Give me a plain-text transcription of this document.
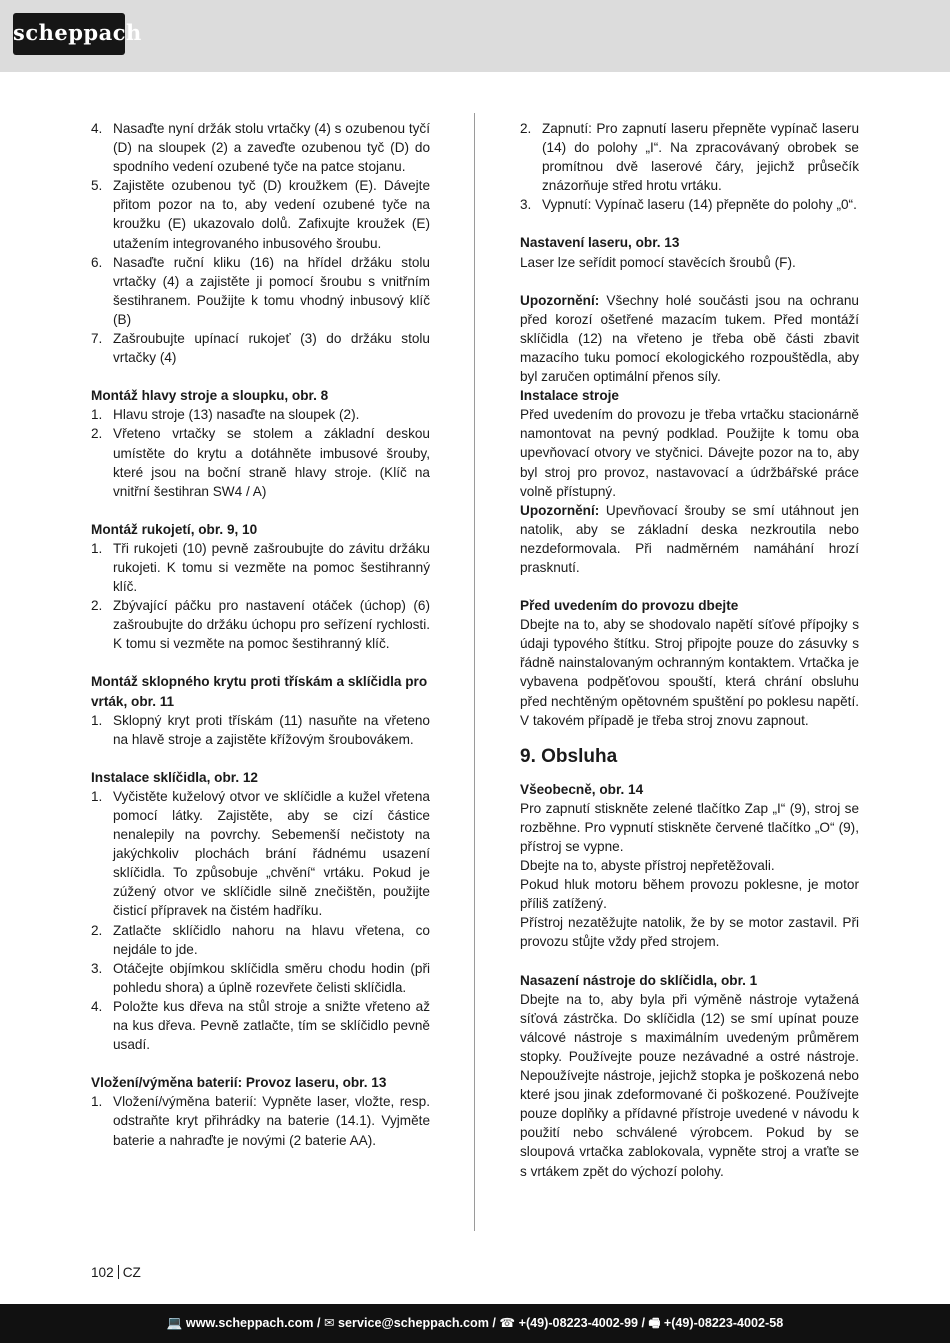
scheppach
4. Nasaďte nyní držák stolu vrtačky (4) s ozubenou tyčí (D) na sloupek (2) a zaveďte ozubenou tyč (D) do spodního vedení ozubené tyče na patce stojanu.
5. Zajistěte ozubenou tyč (D) kroužkem (E). Dávejte přitom pozor na to, aby vedení ozubené tyče na kroužku (E) ukazovalo dolů. Zafixujte kroužek (E) utažením integrovaného inbusového šroubu.
6. Nasaďte ruční kliku (16) na hřídel držáku stolu vrtačky (4) a zajistěte ji pomocí šroubu s vnitřním šestihranem. Použijte k tomu vhodný inbusový klíč (B)
7. Zašroubujte upínací rukojeť (3) do držáku stolu vrtačky (4)
Montáž hlavy stroje a sloupku, obr. 8
1. Hlavu stroje (13) nasaďte na sloupek (2).
2. Vřeteno vrtačky se stolem a základní deskou umístěte do krytu a dotáhněte imbusové šrouby, které jsou na boční straně hlavy stroje. (Klíč na vnitřní šestihran SW4 / A)
Montáž rukojetí, obr. 9, 10
1. Tři rukojeti (10) pevně zašroubujte do závitu držáku rukojeti. K tomu si vezměte na pomoc šestihranný klíč.
2. Zbývající páčku pro nastavení otáček (úchop) (6) zašroubujte do držáku úchopu pro seřízení rychlosti. K tomu si vezměte na pomoc šestihranný klíč.
Montáž sklopného krytu proti třískám a sklíčidla pro vrták, obr. 11
1. Sklopný kryt proti třískám (11) nasuňte na vřeteno na hlavě stroje a zajistěte křížovým šroubovákem.
Instalace sklíčidla, obr. 12
1. Vyčistěte kuželový otvor ve sklíčidle a kužel vřetena pomocí látky. Zajistěte, aby se cizí částice nenalepily na povrchy. Sebemenší nečistoty na jakýchkoliv plochách brání řádnému usazení sklíčidla. To způsobuje „chvění“ vrtáku. Pokud je zúžený otvor ve sklíčidle silně znečištěn, použijte čisticí přípravek na čistém hadříku.
2. Zatlačte sklíčidlo nahoru na hlavu vřetena, co nejdále to jde.
3. Otáčejte objímkou sklíčidla směru chodu hodin (při pohledu shora) a úplně rozevřete čelisti sklíčidla.
4. Položte kus dřeva na stůl stroje a snižte vřeteno až na kus dřeva. Pevně zatlačte, tím se sklíčidlo pevně usadí.
Vložení/výměna baterií: Provoz laseru, obr. 13
1. Vložení/výměna baterií: Vypněte laser, vložte, resp. odstraňte kryt přihrádky na baterie (14.1). Vyjměte baterie a nahraďte je novými (2 baterie AA).
2. Zapnutí: Pro zapnutí laseru přepněte vypínač laseru (14) do polohy „I“. Na zpracovávaný obrobek se promítnou dvě laserové čáry, jejichž průsečík znázorňuje střed hrotu vrtáku.
3. Vypnutí: Vypínač laseru (14) přepněte do polohy „0“.
Nastavení laseru, obr. 13

Laser lze seřídit pomocí stavěcích šroubů (F).

Upozornění: Všechny holé součásti jsou na ochranu před korozí ošetřené mazacím tukem. Před montáží sklíčidla (12) na vřeteno je třeba obě části zbavit mazacího tuku pomocí ekologického rozpouštědla, aby byl zaručen optimální přenos síly.

Instalace stroje

Před uvedením do provozu je třeba vrtačku stacionárně namontovat na pevný podklad. Použijte k tomu oba upevňovací otvory ve styčnici. Dávejte pozor na to, aby byl stroj pro provoz, nastavovací a údržbářské práce volně přístupný.

Upozornění: Upevňovací šrouby se smí utáhnout jen natolik, aby se základní deska nezkroutila nebo nezdeformovala. Při nadměrném namáhání hrozí prasknutí.

Před uvedením do provozu dbejte

Dbejte na to, aby se shodovalo napětí síťové přípojky s údaji typového štítku. Stroj připojte pouze do zásuvky s řádně nainstalovaným ochranným kontaktem. Vrtačka je vybavena podpěťovou spouští, která chrání obsluhu před nechtěným opětovném spuštění po poklesu napětí. V takovém případě je třeba stroj znovu zapnout.

9. Obsluha
Všeobecně, obr. 14

Pro zapnutí stiskněte zelené tlačítko Zap „I“ (9), stroj se rozběhne. Pro vypnutí stiskněte červené tlačítko „O“ (9), přístroj se vypne.

Dbejte na to, abyste přístroj nepřetěžovali.

Pokud hluk motoru během provozu poklesne, je motor příliš zatížený.

Přístroj nezatěžujte natolik, že by se motor zastavil. Při provozu stůjte vždy před strojem.

Nasazení nástroje do sklíčidla, obr. 1

Dbejte na to, aby byla při výměně nástroje vytažená síťová zástrčka. Do sklíčidla (12) se smí upínat pouze válcové nástroje s maximálním uvedeným průměrem stopky. Používejte pouze nezávadné a ostré nástroje. Nepoužívejte nástroje, jejichž stopka je poškozená nebo které jsou jinak zdeformované či poškozené. Používejte pouze doplňky a přídavné přístroje uvedené v návodu k použití nebo schválené výrobcem. Pokud by se sloupová vrtačka zablokovala, vypněte stroj a vraťte se s vrtákem zpět do výchozí polohy.

102 CZ
💻 www.scheppach.com / ✉ service@scheppach.com / ☎ +(49)-08223-4002-99 / 🖷 +(49)-08223-4002-58
